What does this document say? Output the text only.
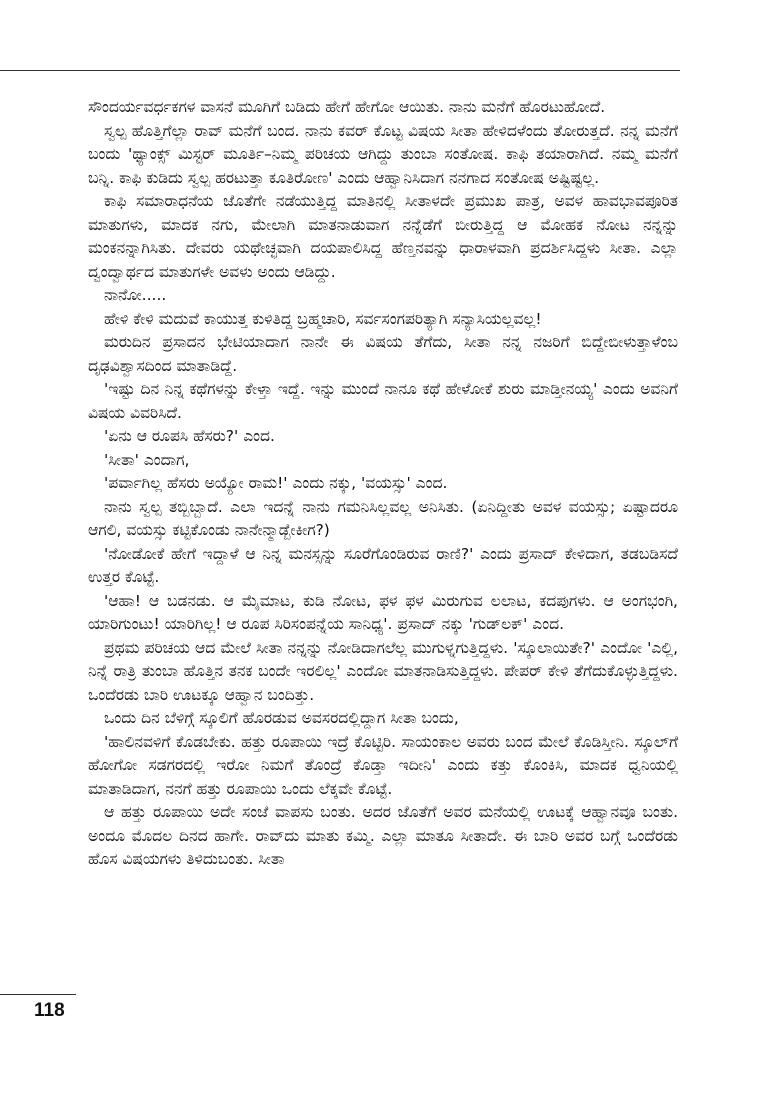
ಸೌಂದರ್ಯವರ್ಧಕಗಳ ವಾಸನೆ ಮೂಗಿಗೆ ಬಡಿದು ಹೇಗೆ ಹೇಗೋ ಆಯಿತು. ನಾನು ಮನೆಗೆ ಹೊರಟುಹೋದೆ.

ಸ್ವಲ್ಪ ಹೊತ್ತಿಗೆಲ್ಲಾ ರಾವ್ ಮನೆಗೆ ಬಂದ. ನಾನು ಕವರ್ ಕೊಟ್ಟ ವಿಷಯ ಸೀತಾ ಹೇಳಿದಳೆಂದು ತೋರುತ್ತದೆ. ನನ್ನ ಮನೆಗೆ ಬಂದು 'ಥ್ಯಾಂಕ್ಸ್ ಮಿಸ್ಟರ್ ಮೂರ್ತಿ–ನಿಮ್ಮ ಪರಿಚಯ ಆಗಿದ್ದು ತುಂಬಾ ಸಂತೋಷ. ಕಾಫಿ ತಯಾರಾಗಿದೆ. ನಮ್ಮ ಮನೆಗೆ ಬನ್ನಿ. ಕಾಫಿ ಕುಡಿದು ಸ್ವಲ್ಪ ಹರಟುತ್ತಾ ಕೂತಿರೋಣ' ಎಂದು ಆಹ್ವಾನಿಸಿದಾಗ ನನಗಾದ ಸಂತೋಷ ಅಷ್ಟಿಷ್ಟಲ್ಲ.

ಕಾಫಿ ಸಮಾರಾಧನೆಯ ಜೊತೆಗೇ ನಡೆಯುತ್ತಿದ್ದ ಮಾತಿನಲ್ಲಿ ಸೀತಾಳದೇ ಪ್ರಮುಖ ಪಾತ್ರ, ಅವಳ ಹಾವಭಾವಪೂರಿತ ಮಾತುಗಳು, ಮಾದಕ ನಗು, ಮೇಲಾಗಿ ಮಾತನಾಡುವಾಗ ನನ್ನೆಡೆಗೆ ಬೀರುತ್ತಿದ್ದ ಆ ಮೋಹಕ ನೋಟ ನನ್ನನ್ನು ಮಂಕನನ್ನಾಗಿಸಿತು. ದೇವರು ಯಥೇಚ್ಛವಾಗಿ ದಯಪಾಲಿಸಿದ್ದ ಹೆಣ್ತನವನ್ನು ಧಾರಾಳವಾಗಿ ಪ್ರದರ್ಶಿಸಿದ್ದಳು ಸೀತಾ. ಎಲ್ಲಾ ದ್ವಂದ್ವಾರ್ಥದ ಮಾತುಗಳೇ ಅವಳು ಅಂದು ಆಡಿದ್ದು.

ನಾನೋ.....

ಹೇಳಿ ಕೇಳಿ ಮದುವೆ ಕಾಯುತ್ತ ಕುಳಿತಿದ್ದ ಬ್ರಹ್ಮಚಾರಿ, ಸರ್ವಸಂಗಪರಿತ್ಯಾಗಿ ಸನ್ಯಾಸಿಯಲ್ಲವಲ್ಲ!

ಮರುದಿನ ಪ್ರಸಾದನ ಭೇಟಿಯಾದಾಗ ನಾನೇ ಈ ವಿಷಯ ತೆಗೆದು, ಸೀತಾ ನನ್ನ ನಜರಿಗೆ ಬಿದ್ದೇಬೀಳುತ್ತಾಳೆಂಬ ದೃಢವಿಶ್ವಾಸದಿಂದ ಮಾತಾಡಿದ್ದೆ.

'ಇಷ್ಟು ದಿನ ನಿನ್ನ ಕಥೆಗಳನ್ನು ಕೇಳ್ತಾ ಇದ್ದೆ. ಇನ್ನು ಮುಂದೆ ನಾನೂ ಕಥೆ ಹೇಳೋಕೆ ಶುರು ಮಾಡ್ತೀನಯ್ಯ' ಎಂದು ಅವನಿಗೆ ವಿಷಯ ವಿವರಿಸಿದೆ.

'ಏನು ಆ ರೂಪಸಿ ಹೆಸರು?' ಎಂದ.

'ಸೀತಾ' ಎಂದಾಗ,

'ಪರ್ವಾಗಿಲ್ಲ ಹೆಸರು ಅಯ್ಯೋ ರಾಮ!' ಎಂದು ನಕ್ಕು, 'ವಯಸ್ಸು' ಎಂದ.

ನಾನು ಸ್ವಲ್ಪ ತಬ್ಬಿಬ್ಬಾದೆ. ಎಲಾ ಇದನ್ನೆ ನಾನು ಗಮನಿಸಿಲ್ಲವಲ್ಲ ಅನಿಸಿತು. (ಏನಿದ್ದೀತು ಅವಳ ವಯಸ್ಸು; ಏಷ್ಟಾದರೂ ಆಗಲಿ, ವಯಸ್ಸು ಕಟ್ಟಿಕೊಂಡು ನಾನೇನ್ಮಾಡ್ಬೇಕೀಗ?)

'ನೋಡೋಕೆ ಹೇಗೆ ಇದ್ದಾಳೆ ಆ ನಿನ್ನ ಮನಸ್ಸನ್ನು ಸೂರೆಗೊಂಡಿರುವ ರಾಣಿ?' ಎಂದು ಪ್ರಸಾದ್ ಕೇಳಿದಾಗ, ತಡಬಡಿಸದೆ ಉತ್ತರ ಕೊಟ್ಟೆ.

'ಆಹಾ! ಆ ಬಡನಡು. ಆ ಮೈಮಾಟ, ಕುಡಿ ನೋಟ, ಫಳ ಫಳ ಮಿರುಗುವ ಲಲಾಟ, ಕದಪುಗಳು. ಆ ಅಂಗಭಂಗಿ, ಯಾರಿಗುಂಟು! ಯಾರಿಗಿಲ್ಲ! ಆ ರೂಪ ಸಿರಿಸಂಪನ್ನೆಯ ಸಾನಿಧ್ಯ'. ಪ್ರಸಾದ್ ನಕ್ಕು 'ಗುಡ್‌ಲಕ್' ಎಂದ.

ಪ್ರಥಮ ಪರಿಚಯ ಆದ ಮೇಲೆ ಸೀತಾ ನನ್ನನ್ನು ನೋಡಿದಾಗಲೆಲ್ಲ ಮುಗುಳ್ನಗುತ್ತಿದ್ದಳು. 'ಸ್ಕೂಲಾಯಿತೇ?' ಎಂದೋ 'ಎಲ್ಲಿ, ನಿನ್ನೆ ರಾತ್ರಿ ತುಂಬಾ ಹೊತ್ತಿನ ತನಕ ಬಂದೇ ಇರಲಿಲ್ಲ' ಎಂದೋ ಮಾತನಾಡಿಸುತ್ತಿದ್ದಳು. ಪೇಪರ್ ಕೇಳಿ ತೆಗೆದುಕೊಳ್ಳುತ್ತಿದ್ದಳು. ಒಂದೆರಡು ಬಾರಿ ಊಟಕ್ಕೂ ಆಹ್ವಾನ ಬಂದಿತ್ತು.

ಒಂದು ದಿನ ಬೆಳಿಗ್ಗೆ ಸ್ಕೂಲಿಗೆ ಹೊರಡುವ ಅವಸರದಲ್ಲಿದ್ದಾಗ ಸೀತಾ ಬಂದು,

'ಹಾಲಿನವಳಿಗೆ ಕೊಡಬೇಕು. ಹತ್ತು ರೂಪಾಯಿ ಇದ್ರೆ ಕೊಟ್ಟಿರಿ. ಸಾಯಂಕಾಲ ಅವರು ಬಂದ ಮೇಲೆ ಕೊಡಿಸ್ತೀನಿ. ಸ್ಕೂಲ್‌ಗೆ ಹೋಗೋ ಸಡಗರದಲ್ಲಿ ಇರೋ ನಿಮಗೆ ತೊಂದ್ರೆ ಕೊಡ್ತಾ ಇದೀನಿ' ಎಂದು ಕತ್ತು ಕೊಂಕಿಸಿ, ಮಾದಕ ಧ್ವನಿಯಲ್ಲಿ ಮಾತಾಡಿದಾಗ, ನನಗೆ ಹತ್ತು ರೂಪಾಯಿ ಒಂದು ಲೆಕ್ಕವೇ ಕೊಟ್ಟೆ.

ಆ ಹತ್ತು ರೂಪಾಯಿ ಅದೇ ಸಂಜೆ ವಾಪಸು ಬಂತು. ಅದರ ಜೊತೆಗೆ ಅವರ ಮನೆಯಲ್ಲಿ ಊಟಕ್ಕೆ ಆಹ್ವಾನವೂ ಬಂತು. ಅಂದೂ ಮೊದಲ ದಿನದ ಹಾಗೇ. ರಾವ್‌ದು ಮಾತು ಕಮ್ಮಿ. ಎಲ್ಲಾ ಮಾತೂ ಸೀತಾದೇ. ಈ ಬಾರಿ ಅವರ ಬಗ್ಗೆ ಒಂದೆರಡು ಹೊಸ ವಿಷಯಗಳು ತಿಳಿದುಬಂತು. ಸೀತಾ

118
